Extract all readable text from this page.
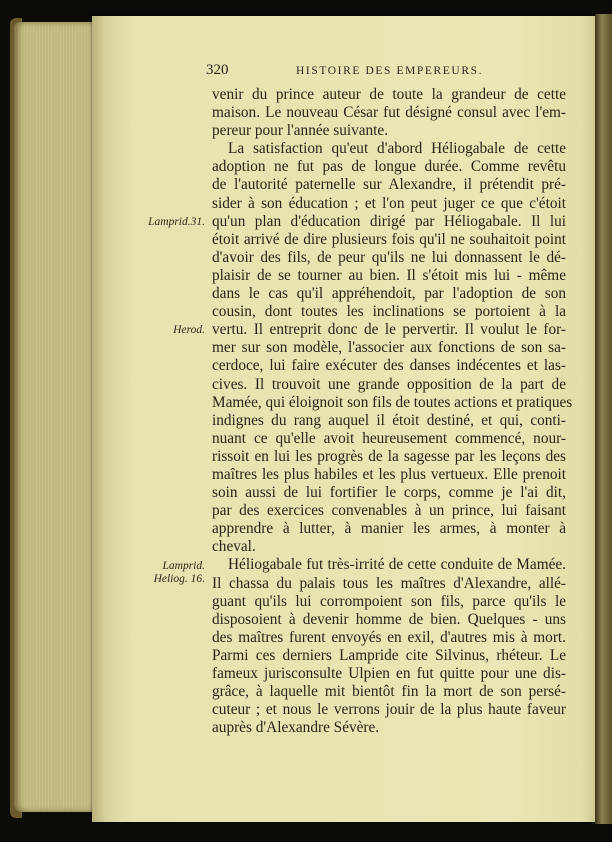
320	HISTOIRE DES EMPEREURS.
venir du prince auteur de toute la grandeur de cette
maison. Le nouveau César fut désigné consul avec l'em-
pereur pour l'année suivante.
La satisfaction qu'eut d'abord Héliogabale de cette
adoption ne fut pas de longue durée. Comme revêtu
de l'autorité paternelle sur Alexandre, il prétendit pré-
sider à son éducation ; et l'on peut juger ce que c'étoit
qu'un plan d'éducation dirigé par Héliogabale. Il lui
étoit arrivé de dire plusieurs fois qu'il ne souhaitoit point
d'avoir des fils, de peur qu'ils ne lui donnassent le dé-
plaisir de se tourner au bien. Il s'étoit mis lui - même
dans le cas qu'il appréhendoit, par l'adoption de son
cousin, dont toutes les inclinations se portoient à la
vertu. Il entreprit donc de le pervertir. Il voulut le for-
mer sur son modèle, l'associer aux fonctions de son sa-
cerdoce, lui faire exécuter des danses indécentes et las-
cives. Il trouvoit une grande opposition de la part de
Mamée, qui éloignoit son fils de toutes actions et pratiques
indignes du rang auquel il étoit destiné, et qui, conti-
nuant ce qu'elle avoit heureusement commencé, nour-
rissoit en lui les progrès de la sagesse par les leçons des
maîtres les plus habiles et les plus vertueux. Elle prenoit
soin aussi de lui fortifier le corps, comme je l'ai dit,
par des exercices convenables à un prince, lui faisant
apprendre à lutter, à manier les armes, à monter à
cheval.
Héliogabale fut très-irrité de cette conduite de Mamée.
Il chassa du palais tous les maîtres d'Alexandre, allé-
guant qu'ils lui corrompoient son fils, parce qu'ils le
disposoient à devenir homme de bien. Quelques - uns
des maîtres furent envoyés en exil, d'autres mis à mort.
Parmi ces derniers Lampride cite Silvinus, rhéteur. Le
fameux jurisconsulte Ulpien en fut quitte pour une dis-
grâce, à laquelle mit bientôt fin la mort de son persé-
cuteur ; et nous le verrons jouir de la plus haute faveur
auprès d'Alexandre Sévère.
Lamprid.31.
Herod.
Lamprid. Heliog. 16.
